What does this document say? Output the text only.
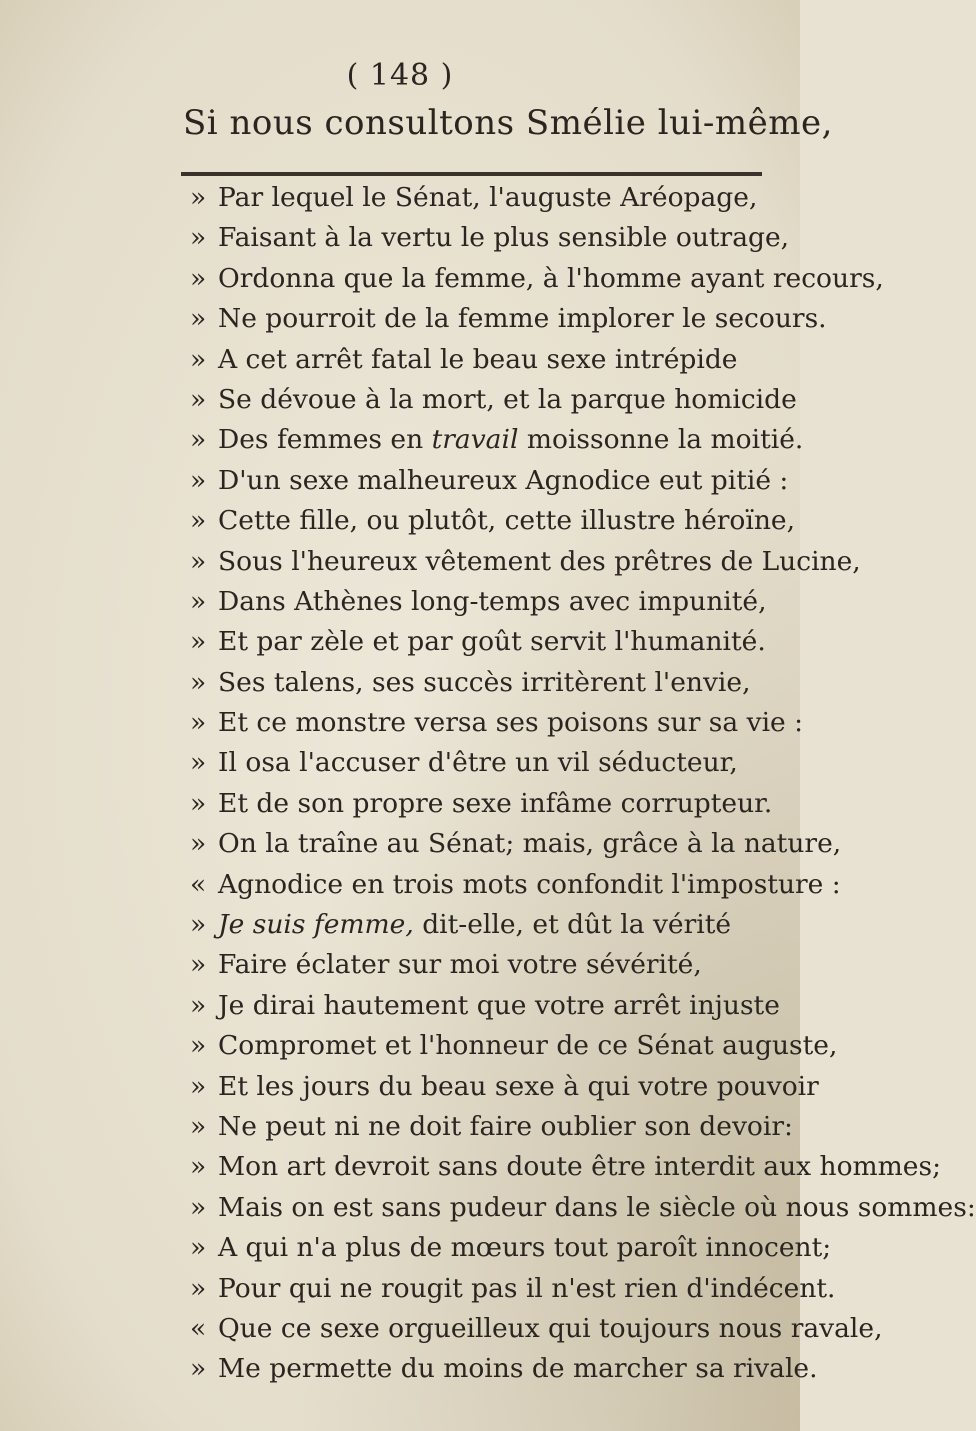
( 148 )
Si nous consultons Smélie lui-même,
» Par lequel le Sénat, l'auguste Aréopage,
» Faisant à la vertu le plus sensible outrage,
» Ordonna que la femme, à l'homme ayant recours,
» Ne pourroit de la femme implorer le secours.
» A cet arrêt fatal le beau sexe intrépide
» Se dévoue à la mort, et la parque homicide
» Des femmes en travail moissonne la moitié.
» D'un sexe malheureux Agnodice eut pitié :
» Cette fille, ou plutôt, cette illustre héroïne,
» Sous l'heureux vêtement des prêtres de Lucine,
» Dans Athènes long-temps avec impunité,
» Et par zèle et par goût servit l'humanité.
» Ses talens, ses succès irritèrent l'envie,
» Et ce monstre versa ses poisons sur sa vie :
» Il osa l'accuser d'être un vil séducteur,
» Et de son propre sexe infâme corrupteur.
» On la traîne au Sénat; mais, grâce à la nature,
« Agnodice en trois mots confondit l'imposture :
» Je suis femme, dit-elle, et dût la vérité
» Faire éclater sur moi votre sévérité,
» Je dirai hautement que votre arrêt injuste
» Compromet et l'honneur de ce Sénat auguste,
» Et les jours du beau sexe à qui votre pouvoir
» Ne peut ni ne doit faire oublier son devoir:
» Mon art devroit sans doute être interdit aux hommes;
» Mais on est sans pudeur dans le siècle où nous sommes:
» A qui n'a plus de mœurs tout paroît innocent;
» Pour qui ne rougit pas il n'est rien d'indécent.
« Que ce sexe orgueilleux qui toujours nous ravale,
» Me permette du moins de marcher sa rivale.
